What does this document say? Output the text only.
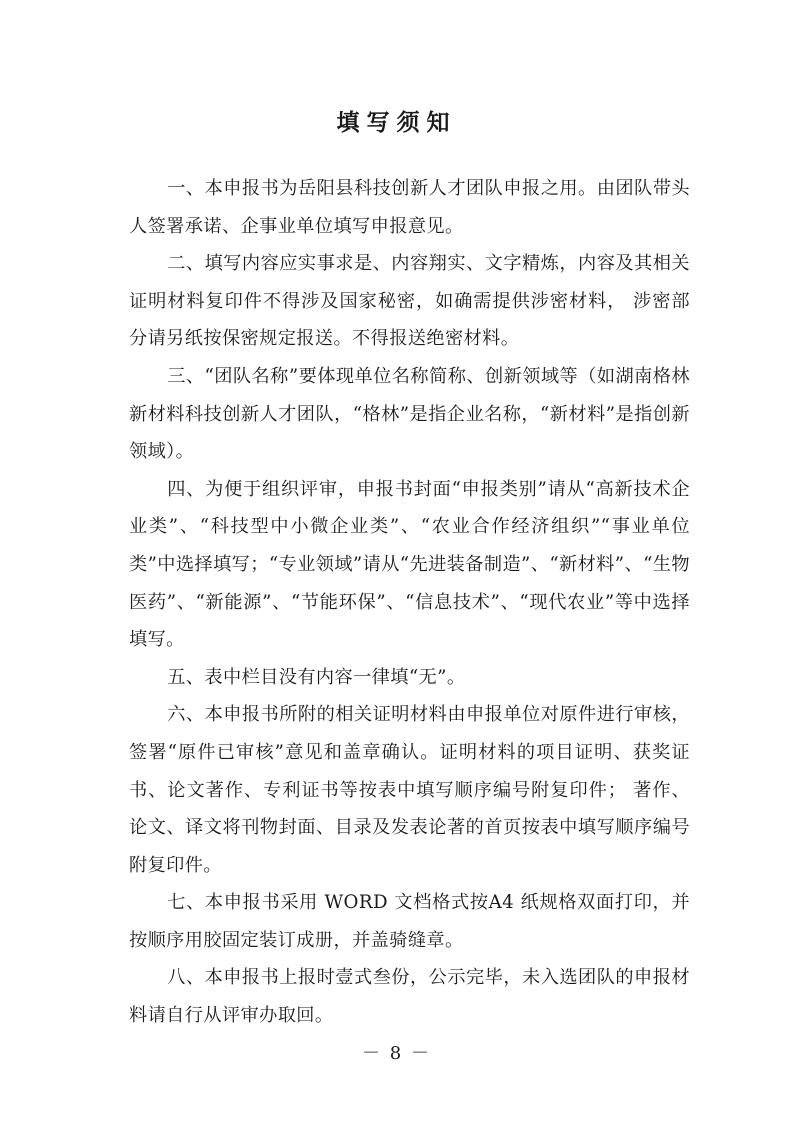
填写须知

一、本申报书为岳阳县科技创新人才团队申报之用。由团队带头人签署承诺、企事业单位填写申报意见。

二、填写内容应实事求是、内容翔实、文字精炼，内容及其相关证明材料复印件不得涉及国家秘密，如确需提供涉密材料， 涉密部分请另纸按保密规定报送。不得报送绝密材料。

三、“团队名称”要体现单位名称简称、创新领域等（如湖南格林新材料科技创新人才团队，“格林”是指企业名称，“新材料”是指创新领域）。

四、为便于组织评审，申报书封面“申报类别”请从“高新技术企业类”、“科技型中小微企业类”、“农业合作经济组织”“事业单位类”中选择填写；“专业领域”请从“先进装备制造”、“新材料”、“生物医药”、“新能源”、“节能环保”、“信息技术”、“现代农业”等中选择填写。

五、表中栏目没有内容一律填“无”。

六、本申报书所附的相关证明材料由申报单位对原件进行审核，签署“原件已审核”意见和盖章确认。证明材料的项目证明、获奖证书、论文著作、专利证书等按表中填写顺序编号附复印件； 著作、论文、译文将刊物封面、目录及发表论著的首页按表中填写顺序编号附复印件。

七、本申报书采用 WORD 文档格式按A4 纸规格双面打印，并按顺序用胶固定装订成册，并盖骑缝章。

八、本申报书上报时壹式叁份，公示完毕，未入选团队的申报材料请自行从评审办取回。

－ 8 －
